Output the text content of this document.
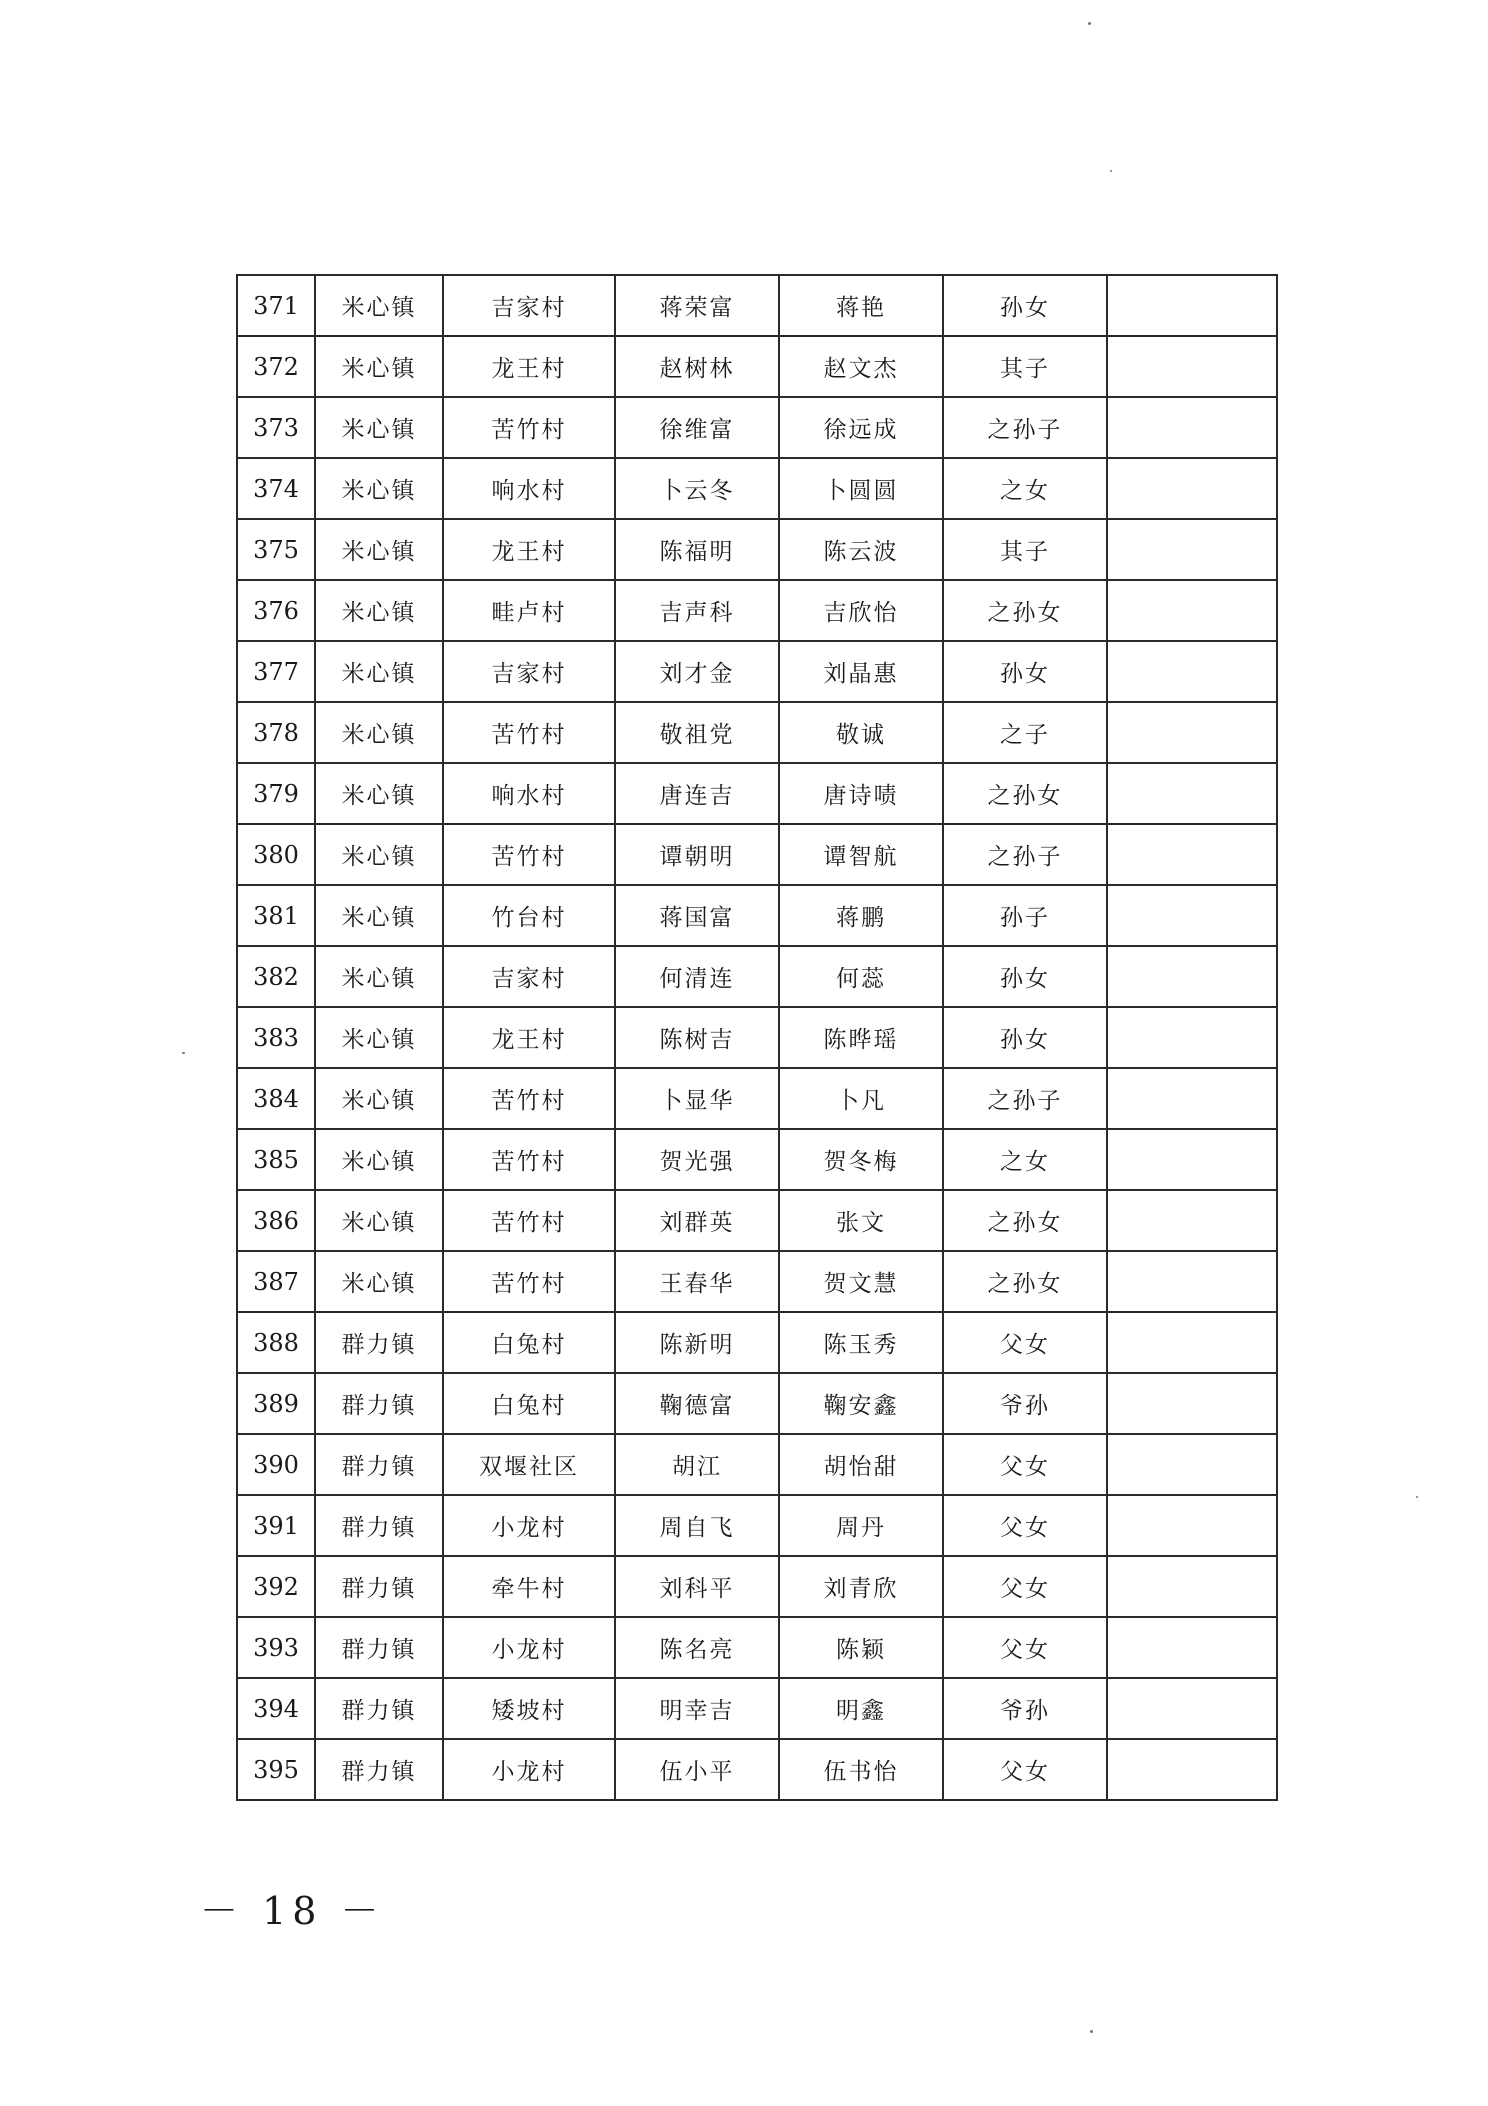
371	米心镇	吉家村	蒋荣富	蒋艳	孙女	
372	米心镇	龙王村	赵树林	赵文杰	其子	
373	米心镇	苦竹村	徐维富	徐远成	之孙子	
374	米心镇	响水村	卜云冬	卜圆圆	之女	
375	米心镇	龙王村	陈福明	陈云波	其子	
376	米心镇	畦卢村	吉声科	吉欣怡	之孙女	
377	米心镇	吉家村	刘才金	刘晶惠	孙女	
378	米心镇	苦竹村	敬祖党	敬诚	之子	
379	米心镇	响水村	唐连吉	唐诗啧	之孙女	
380	米心镇	苦竹村	谭朝明	谭智航	之孙子	
381	米心镇	竹台村	蒋国富	蒋鹏	孙子	
382	米心镇	吉家村	何清连	何蕊	孙女	
383	米心镇	龙王村	陈树吉	陈晔瑶	孙女	
384	米心镇	苦竹村	卜显华	卜凡	之孙子	
385	米心镇	苦竹村	贺光强	贺冬梅	之女	
386	米心镇	苦竹村	刘群英	张文	之孙女	
387	米心镇	苦竹村	王春华	贺文慧	之孙女	
388	群力镇	白兔村	陈新明	陈玉秀	父女	
389	群力镇	白兔村	鞠德富	鞠安鑫	爷孙	
390	群力镇	双堰社区	胡江	胡怡甜	父女	
391	群力镇	小龙村	周自飞	周丹	父女	
392	群力镇	牵牛村	刘科平	刘青欣	父女	
393	群力镇	小龙村	陈名亮	陈颖	父女	
394	群力镇	矮坡村	明幸吉	明鑫	爷孙	
395	群力镇	小龙村	伍小平	伍书怡	父女	
－ 18 －
